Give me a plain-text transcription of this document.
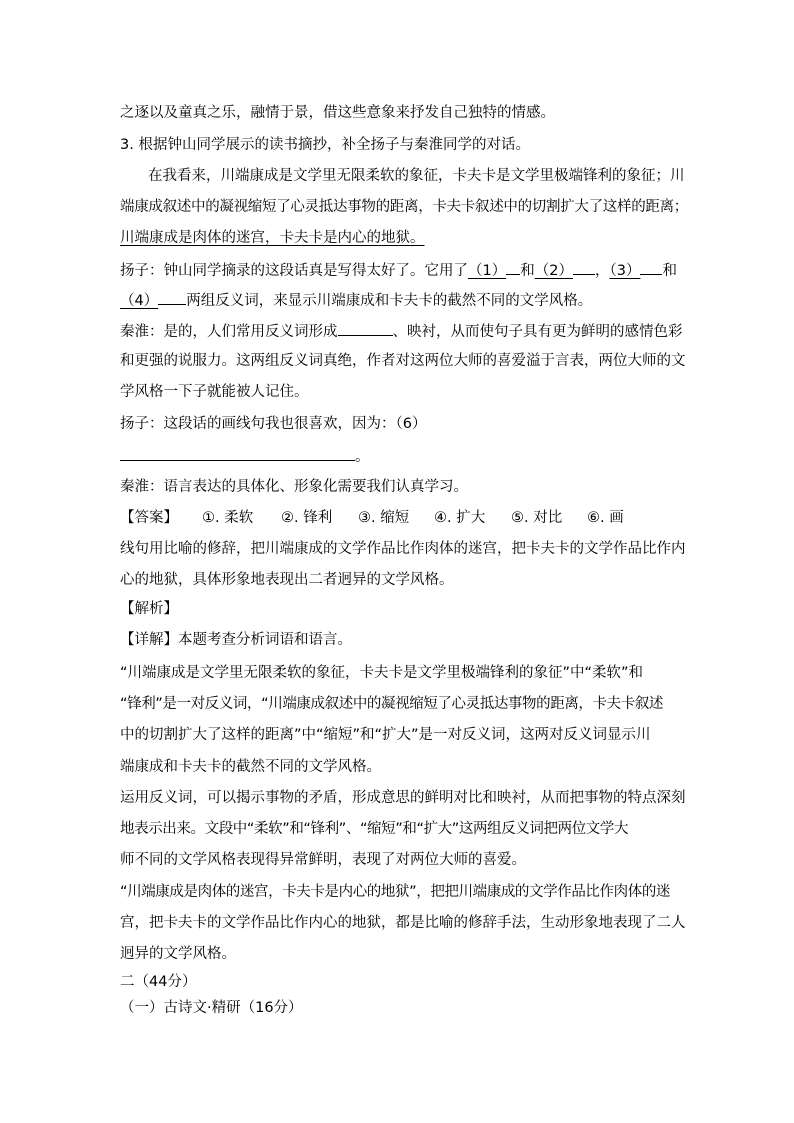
之逐以及童真之乐，融情于景，借这些意象来抒发自己独特的情感。
3. 根据钟山同学展示的读书摘抄，补全扬子与秦淮同学的对话。
在我看来，川端康成是文学里无限柔软的象征，卡夫卡是文学里极端锋利的象征；川
端康成叙述中的凝视缩短了心灵抵达事物的距离，卡夫卡叙述中的切割扩大了这样的距离；
川端康成是肉体的迷宫，卡夫卡是内心的地狱。
扬子：钟山同学摘录的这段话真是写得太好了。它用了（1） 和（2） ，（3） 和
（4） 两组反义词，来显示川端康成和卡夫卡的截然不同的文学风格。
秦淮：是的，人们常用反义词形成	、映衬，从而使句子具有更为鲜明的感情色彩
和更强的说服力。这两组反义词真绝，作者对这两位大师的喜爱溢于言表，两位大师的文
学风格一下子就能被人记住。
扬子：这段话的画线句我也很喜欢，因为：（6）
。
秦淮：语言表达的具体化、形象化需要我们认真学习。
【答案】 ①. 柔软 ②. 锋利 ③. 缩短 ④. 扩大 ⑤. 对比 ⑥. 画
线句用比喻的修辞，把川端康成的文学作品比作肉体的迷宫，把卡夫卡的文学作品比作内
心的地狱，具体形象地表现出二者迥异的文学风格。
【解析】
【详解】本题考查分析词语和语言。
“川端康成是文学里无限柔软的象征，卡夫卡是文学里极端锋利的象征”中“柔软”和
“锋利”是一对反义词，“川端康成叙述中的凝视缩短了心灵抵达事物的距离，卡夫卡叙述
中的切割扩大了这样的距离”中“缩短”和“扩大”是一对反义词，这两对反义词显示川
端康成和卡夫卡的截然不同的文学风格。
运用反义词，可以揭示事物的矛盾，形成意思的鲜明对比和映衬，从而把事物的特点深刻
地表示出来。文段中“柔软”和“锋利”、“缩短”和“扩大”这两组反义词把两位文学大
师不同的文学风格表现得异常鲜明，表现了对两位大师的喜爱。
“川端康成是肉体的迷宫，卡夫卡是内心的地狱”，把把川端康成的文学作品比作肉体的迷
宫，把卡夫卡的文学作品比作内心的地狱，都是比喻的修辞手法，生动形象地表现了二人
迥异的文学风格。
二（44分）
（一）古诗文·精研（16分）
